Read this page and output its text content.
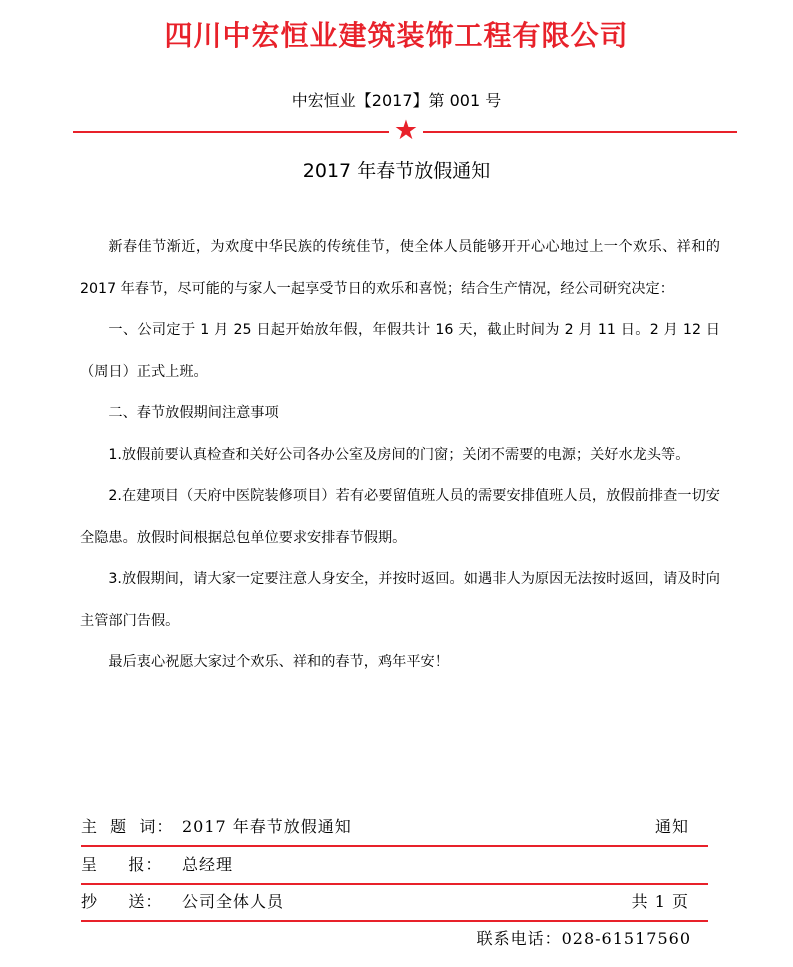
四川中宏恒业建筑装饰工程有限公司
中宏恒业【2017】第 001 号
★
2017 年春节放假通知

新春佳节渐近，为欢度中华民族的传统佳节，使全体人员能够开开心心地过上一个欢乐、祥和的 2017 年春节，尽可能的与家人一起享受节日的欢乐和喜悦；结合生产情况，经公司研究决定：

一、公司定于 1 月 25 日起开始放年假，年假共计 16 天，截止时间为 2 月 11 日。2 月 12 日（周日）正式上班。

二、春节放假期间注意事项

1.放假前要认真检查和关好公司各办公室及房间的门窗；关闭不需要的电源；关好水龙头等。

2.在建项目（天府中医院装修项目）若有必要留值班人员的需要安排值班人员，放假前排查一切安全隐患。放假时间根据总包单位要求安排春节假期。

3.放假期间，请大家一定要注意人身安全，并按时返回。如遇非人为原因无法按时返回，请及时向主管部门告假。

最后衷心祝愿大家过个欢乐、祥和的春节，鸡年平安！

主  题  词： 2017 年春节放假通知	通知
呈     报： 总经理
抄     送： 公司全体人员	共 1 页
联系电话：028-61517560
